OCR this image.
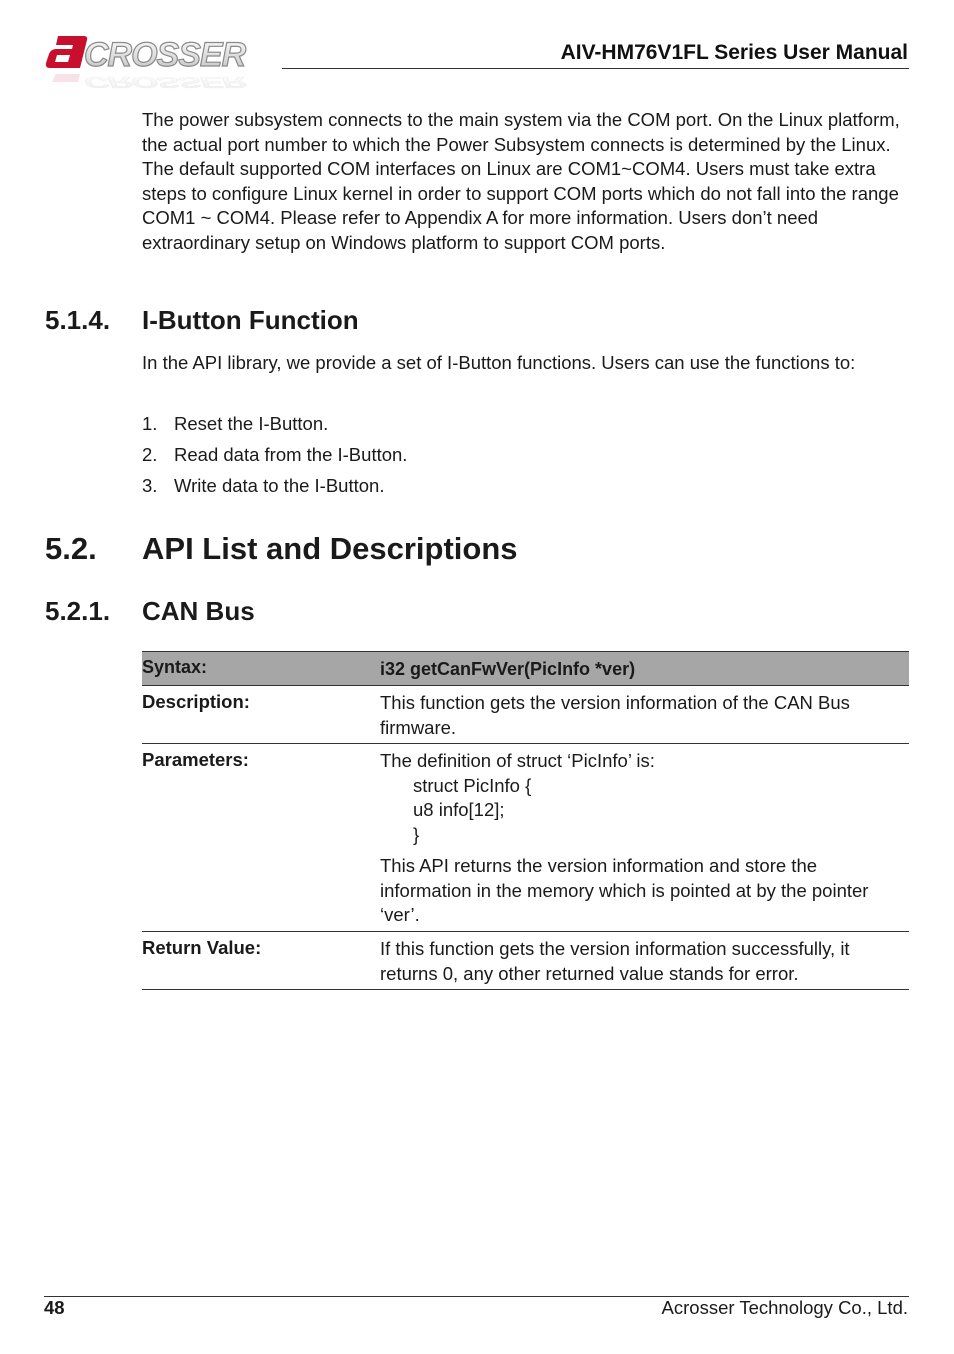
CROSSER
CROSSER
AIV-HM76V1FL Series User Manual

The power subsystem connects to the main system via the COM port. On the Linux platform, the actual port number to which the Power Subsystem connects is determined by the Linux. The default supported COM interfaces on Linux are COM1~COM4. Users must take extra steps to configure Linux kernel in order to support COM ports which do not fall into the range COM1 ~ COM4. Please refer to Appendix A for more information. Users don’t need extraordinary setup on Windows platform to support COM ports.

5.1.4. I-Button Function

In the API library, we provide a set of I-Button functions. Users can use the functions to:

1. Reset the I-Button.
2. Read data from the I-Button.
3. Write data to the I-Button.
5.2. API List and Descriptions
5.2.1. CAN Bus
Syntax:	i32 getCanFwVer(PicInfo *ver)
Description:	This function gets the version information of the CAN Bus firmware.
Parameters:	The definition of struct ‘PicInfo’ is:
struct PicInfo {
u8 info[12];
}
This API returns the version information and store the information in the memory which is pointed at by the pointer ‘ver’.
Return Value:	If this function gets the version information successfully, it returns 0, any other returned value stands for error.
48	Acrosser Technology Co., Ltd.
